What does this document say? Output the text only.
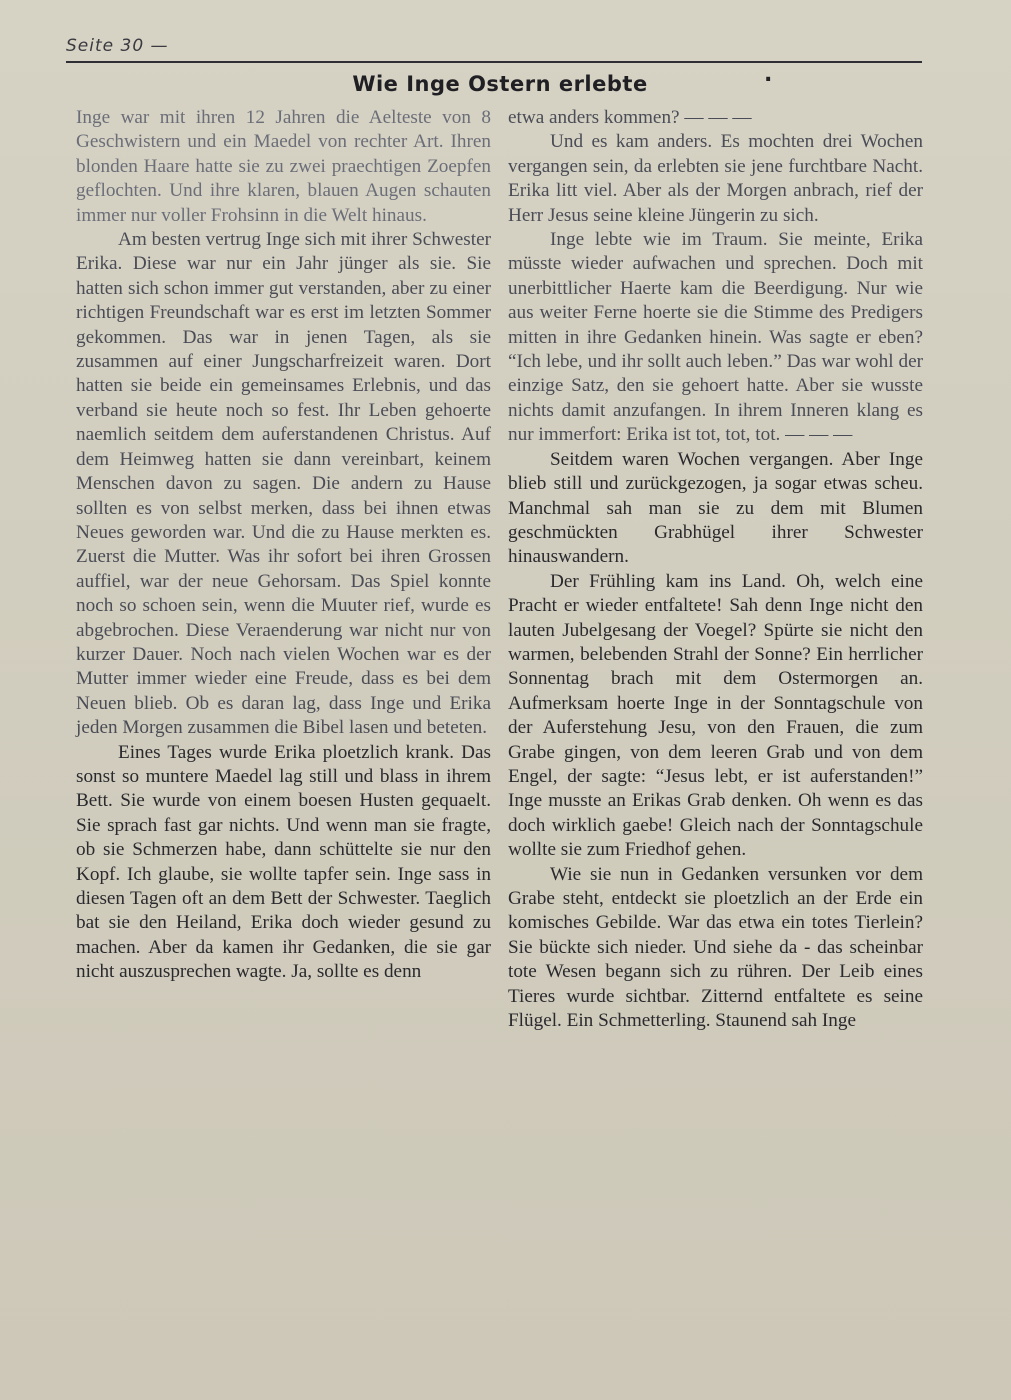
Seite 30 —
Wie Inge Ostern erlebte	.

Inge war mit ihren 12 Jahren die Aelteste von 8 Geschwistern und ein Maedel von rechter Art. Ihren blonden Haare hatte sie zu zwei praechtigen Zoepfen geflochten. Und ihre klaren, blauen Augen schauten immer nur voller Frohsinn in die Welt hinaus.

Am besten vertrug Inge sich mit ihrer Schwester Erika. Diese war nur ein Jahr jünger als sie. Sie hatten sich schon immer gut verstanden, aber zu einer richtigen Freundschaft war es erst im letzten Sommer gekommen. Das war in jenen Tagen, als sie zusammen auf einer Jungscharfreizeit waren. Dort hatten sie beide ein gemeinsames Erlebnis, und das verband sie heute noch so fest. Ihr Leben gehoerte naemlich seitdem dem auferstandenen Christus. Auf dem Heimweg hatten sie dann vereinbart, keinem Menschen davon zu sagen. Die andern zu Hause sollten es von selbst merken, dass bei ihnen etwas Neues geworden war. Und die zu Hause merkten es. Zuerst die Mutter. Was ihr sofort bei ihren Grossen auffiel, war der neue Gehorsam. Das Spiel konnte noch so schoen sein, wenn die Muuter rief, wurde es abgebrochen. Diese Veraenderung war nicht nur von kurzer Dauer. Noch nach vielen Wochen war es der Mutter immer wieder eine Freude, dass es bei dem Neuen blieb. Ob es daran lag, dass Inge und Erika jeden Morgen zusammen die Bibel lasen und beteten.

Eines Tages wurde Erika ploetzlich krank. Das sonst so muntere Maedel lag still und blass in ihrem Bett. Sie wurde von einem boesen Husten gequaelt. Sie sprach fast gar nichts. Und wenn man sie fragte, ob sie Schmerzen habe, dann schüttelte sie nur den Kopf. Ich glaube, sie wollte tapfer sein. Inge sass in diesen Tagen oft an dem Bett der Schwester. Taeglich bat sie den Heiland, Erika doch wieder gesund zu machen. Aber da kamen ihr Gedanken, die sie gar nicht auszusprechen wagte. Ja, sollte es denn

etwa anders kommen? — — —

Und es kam anders. Es mochten drei Wochen vergangen sein, da erlebten sie jene furchtbare Nacht. Erika litt viel. Aber als der Morgen anbrach, rief der Herr Jesus seine kleine Jüngerin zu sich.

Inge lebte wie im Traum. Sie meinte, Erika müsste wieder aufwachen und sprechen. Doch mit unerbittlicher Haerte kam die Beerdigung. Nur wie aus weiter Ferne hoerte sie die Stimme des Predigers mitten in ihre Gedanken hinein. Was sagte er eben? “Ich lebe, und ihr sollt auch leben.” Das war wohl der einzige Satz, den sie gehoert hatte. Aber sie wusste nichts damit anzufangen. In ihrem Inneren klang es nur immerfort: Erika ist tot, tot, tot. — — —

Seitdem waren Wochen vergangen. Aber Inge blieb still und zurückgezogen, ja sogar etwas scheu. Manchmal sah man sie zu dem mit Blumen geschmückten Grabhügel ihrer Schwester hinauswandern.

Der Frühling kam ins Land. Oh, welch eine Pracht er wieder entfaltete! Sah denn Inge nicht den lauten Jubelgesang der Voegel? Spürte sie nicht den warmen, belebenden Strahl der Sonne? Ein herrlicher Sonnentag brach mit dem Ostermorgen an. Aufmerksam hoerte Inge in der Sonntagschule von der Auferstehung Jesu, von den Frauen, die zum Grabe gingen, von dem leeren Grab und von dem Engel, der sagte: “Jesus lebt, er ist auferstanden!” Inge musste an Erikas Grab denken. Oh wenn es das doch wirklich gaebe! Gleich nach der Sonntagschule wollte sie zum Friedhof gehen.

Wie sie nun in Gedanken versunken vor dem Grabe steht, entdeckt sie ploetzlich an der Erde ein komisches Gebilde. War das etwa ein totes Tierlein? Sie bückte sich nieder. Und siehe da - das scheinbar tote Wesen begann sich zu rühren. Der Leib eines Tieres wurde sichtbar. Zitternd entfaltete es seine Flügel. Ein Schmetterling. Staunend sah Inge
